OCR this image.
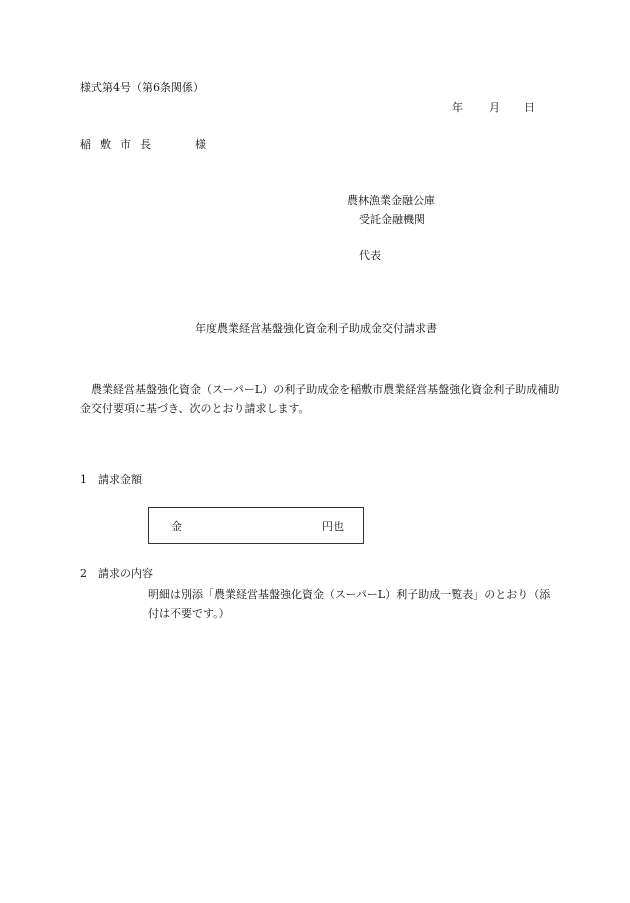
様式第4号（第6条関係）
年 月 日
稲敷市長	様
農林漁業金融公庫
受託金融機関
代表
年度農業経営基盤強化資金利子助成金交付請求書
農業経営基盤強化資金（スーパーL）の利子助成金を稲敷市農業経営基盤強化資金利子助成補助金交付要項に基づき、次のとおり請求します。
1 請求金額
金	円也
2 請求の内容
明細は別添「農業経営基盤強化資金（スーパーL）利子助成一覧表」のとおり（添付は不要です。）
